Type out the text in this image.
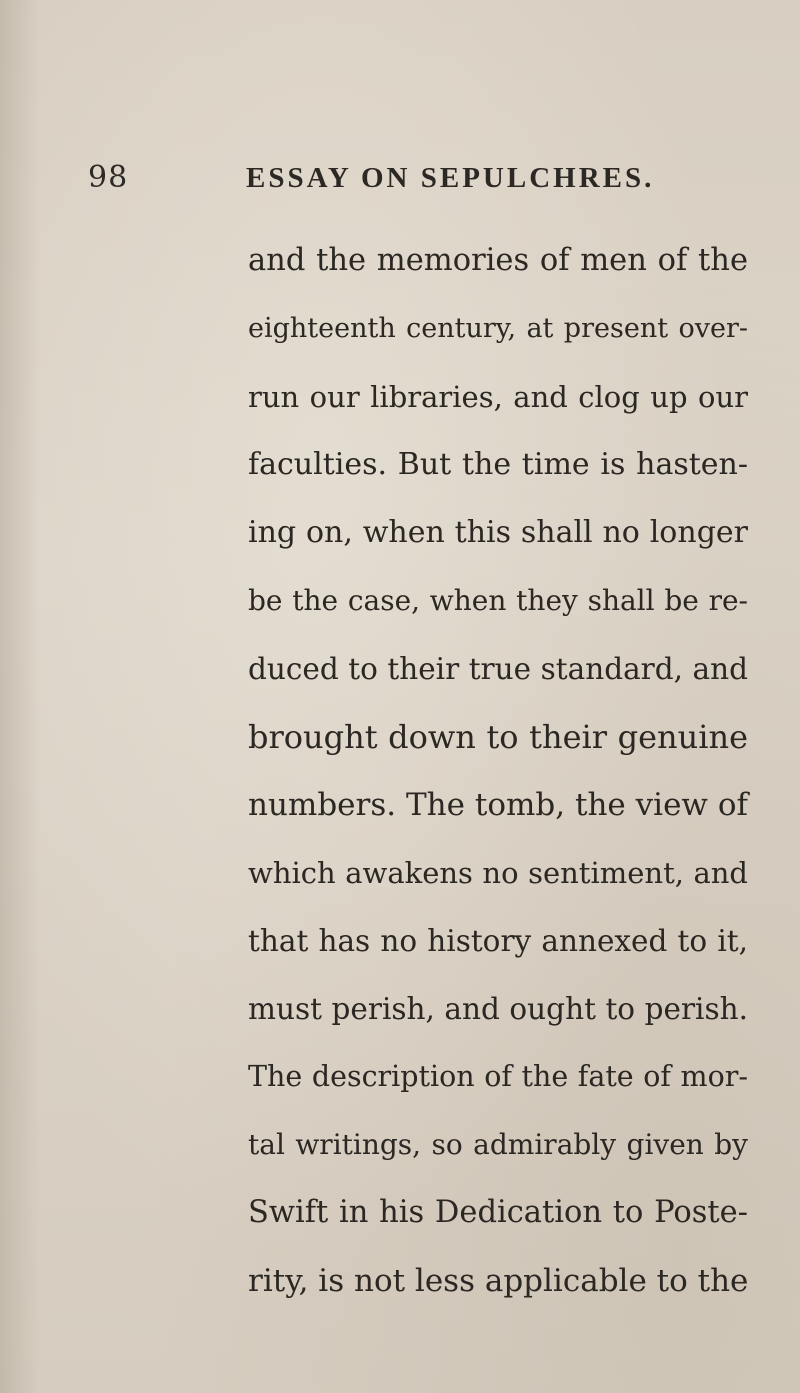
98	ESSAY ON SEPULCHRES.
and the memories of men of the
eighteenth century, at present over-
run our libraries, and clog up our
faculties. But the time is hasten-
ing on, when this shall no longer
be the case, when they shall be re-
duced to their true standard, and
brought down to their genuine
numbers. The tomb, the view of
which awakens no sentiment, and
that has no history annexed to it,
must perish, and ought to perish.
The description of the fate of mor-
tal writings, so admirably given by
Swift in his Dedication to Poste-
rity, is not less applicable to the
